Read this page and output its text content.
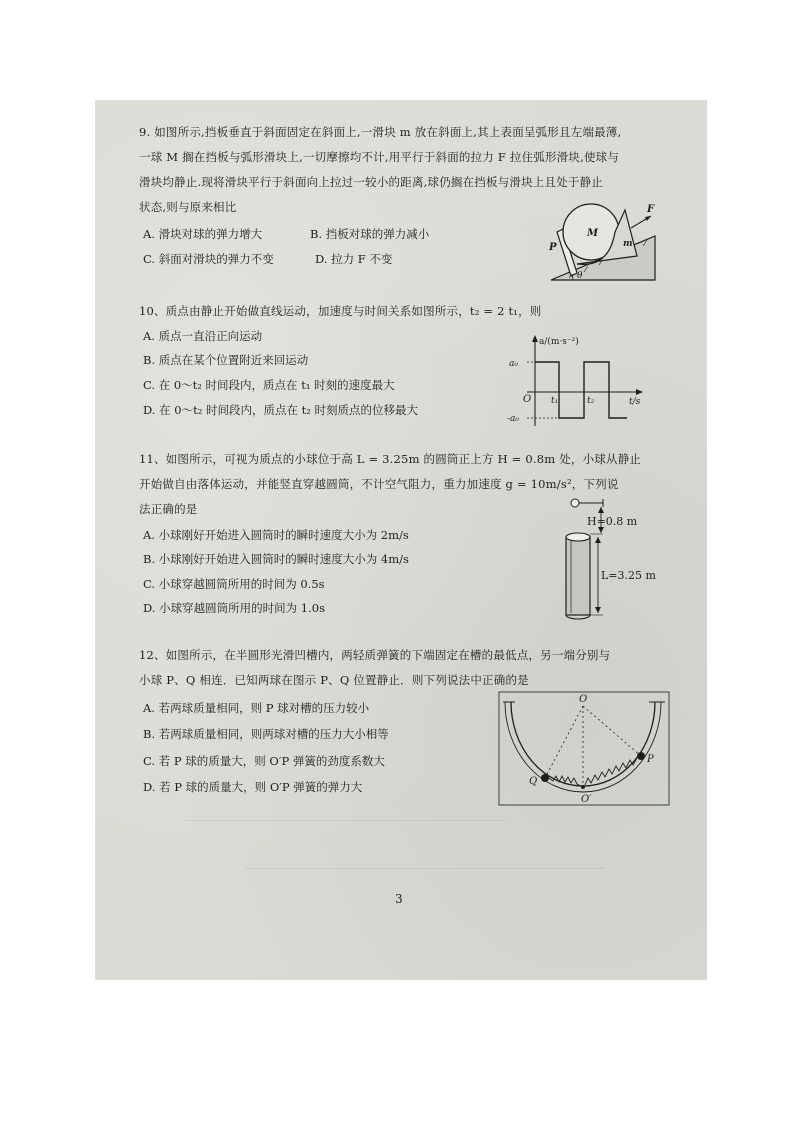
9. 如图所示,挡板垂直于斜面固定在斜面上,一滑块 m 放在斜面上,其上表面呈弧形且左端最薄,
一球 M 搁在挡板与弧形滑块上,一切摩擦均不计,用平行于斜面的拉力 F 拉住弧形滑块,使球与
滑块均静止.现将滑块平行于斜面向上拉过一较小的距离,球仍搁在挡板与滑块上且处于静止
状态,则与原来相比
A. 滑块对球的弹力增大	B. 挡板对球的弹力减小
C. 斜面对滑块的弹力不变	D. 拉力 F 不变
P
M
m
F
θ
10、质点由静止开始做直线运动，加速度与时间关系如图所示，t₂ = 2 t₁，则
A. 质点一直沿正向运动
B. 质点在某个位置附近来回运动
C. 在 0～t₂ 时间段内，质点在 t₁ 时刻的速度最大
D. 在 0～t₂ 时间段内，质点在 t₂ 时刻质点的位移最大
a/(m·s⁻²)
a₀
-a₀
O t₁	t₂	t/s
11、如图所示，可视为质点的小球位于高 L = 3.25m 的圆筒正上方 H = 0.8m 处，小球从静止
开始做自由落体运动，并能竖直穿越圆筒，不计空气阻力，重力加速度 g = 10m/s²，下列说
法正确的是
A. 小球刚好开始进入圆筒时的瞬时速度大小为 2m/s
B. 小球刚好开始进入圆筒时的瞬时速度大小为 4m/s
C. 小球穿越圆筒所用的时间为 0.5s
D. 小球穿越圆筒所用的时间为 1.0s
H=0.8 m
L=3.25 m
12、如图所示，在半圆形光滑凹槽内，两轻质弹簧的下端固定在槽的最低点，另一端分别与
小球 P、Q 相连．已知两球在图示 P、Q 位置静止．则下列说法中正确的是
A. 若两球质量相同，则 P 球对槽的压力较小
B. 若两球质量相同，则两球对槽的压力大小相等
C. 若 P 球的质量大，则 O′P 弹簧的劲度系数大
D. 若 P 球的质量大，则 O′P 弹簧的弹力大
O
O′
P
Q
3
